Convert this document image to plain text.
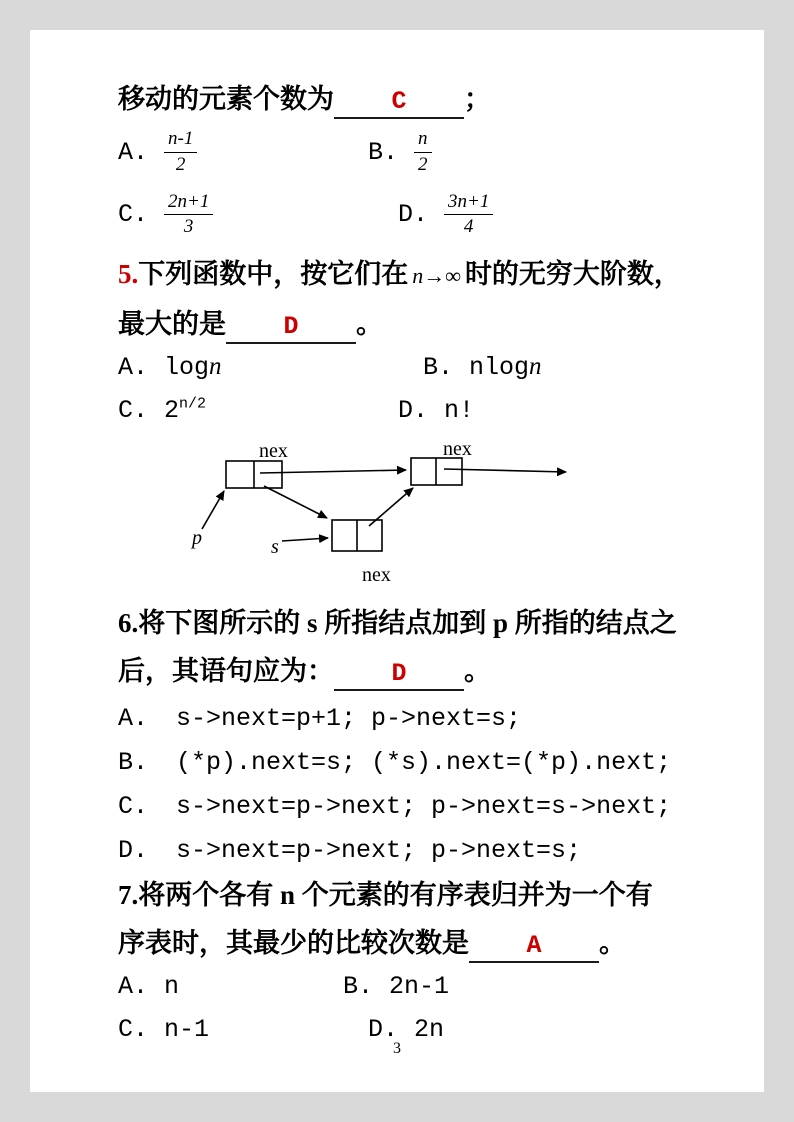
移动的元素个数为 C ；

A. $\frac{n-1}{2}$	B. $\frac{n}{2}$
C. $\frac{2n+1}{3}$	D. $\frac{3n+1}{4}$

5.下列函数中，按它们在 n→∞ 时的无穷大阶数，

最大的是 D 。

A. logn	B. nlogn
C. $2^{n/2}$	D. n!
nex	nex
p	s
nex

6.将下图所示的 s 所指结点加到 p 所指的结点之

后，其语句应为： D 。

A.	s->next=p+1; p->next=s;

B.	(*p).next=s; (*s).next=(*p).next;

C.	s->next=p->next; p->next=s->next;

D.	s->next=p->next; p->next=s;

7.将两个各有 n 个元素的有序表归并为一个有

序表时，其最少的比较次数是 A 。

A. n	B. 2n-1
C. n-1	D. 2n
3
